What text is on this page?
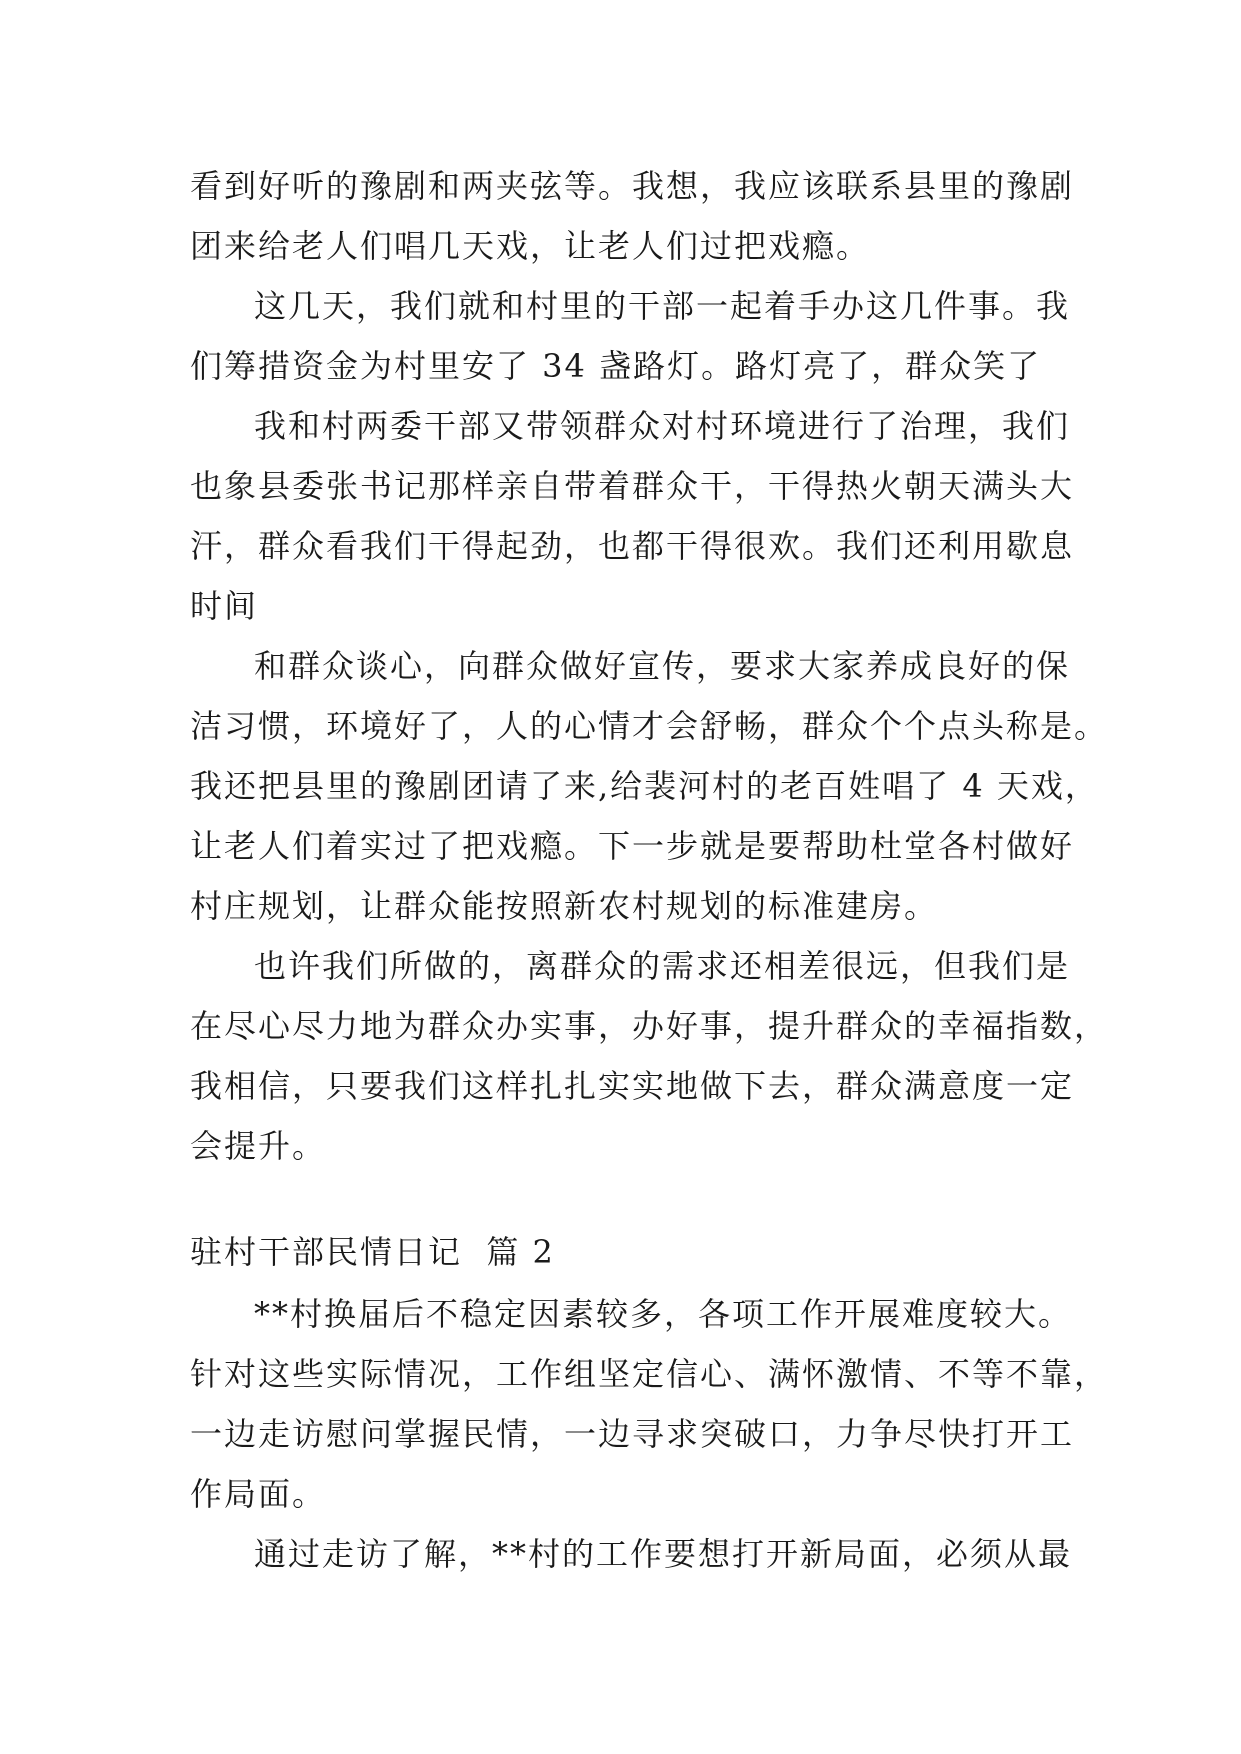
看到好听的豫剧和两夹弦等。我想，我应该联系县里的豫剧
团来给老人们唱几天戏，让老人们过把戏瘾。
这几天，我们就和村里的干部一起着手办这几件事。我
们筹措资金为村里安了 34 盏路灯。路灯亮了，群众笑了
我和村两委干部又带领群众对村环境进行了治理，我们
也象县委张书记那样亲自带着群众干，干得热火朝天满头大
汗，群众看我们干得起劲，也都干得很欢。我们还利用歇息
时间
和群众谈心，向群众做好宣传，要求大家养成良好的保
洁习惯，环境好了，人的心情才会舒畅，群众个个点头称是。
我还把县里的豫剧团请了来,给裴河村的老百姓唱了 4 天戏，
让老人们着实过了把戏瘾。下一步就是要帮助杜堂各村做好
村庄规划，让群众能按照新农村规划的标准建房。
也许我们所做的，离群众的需求还相差很远，但我们是
在尽心尽力地为群众办实事，办好事，提升群众的幸福指数，
我相信，只要我们这样扎扎实实地做下去，群众满意度一定
会提升。
驻村干部民情日记  篇 2
**村换届后不稳定因素较多，各项工作开展难度较大。
针对这些实际情况，工作组坚定信心、满怀激情、不等不靠，
一边走访慰问掌握民情，一边寻求突破口，力争尽快打开工
作局面。
通过走访了解，**村的工作要想打开新局面，必须从最
